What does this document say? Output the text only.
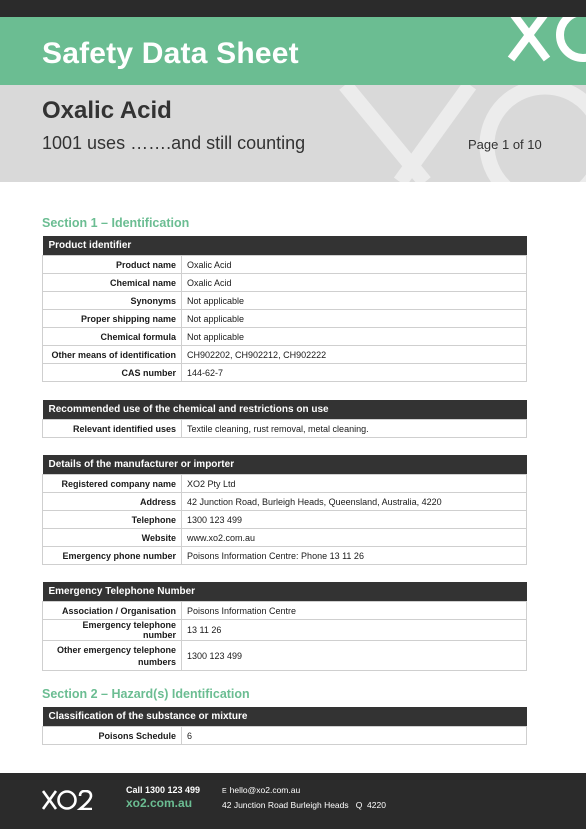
Safety Data Sheet
Oxalic Acid
1001 uses …….and still counting	Page 1 of 10
Section 1 – Identification
Product identifier	
Product name	Oxalic Acid
Chemical name	Oxalic Acid
Synonyms	Not applicable
Proper shipping name	Not applicable
Chemical formula	Not applicable
Other means of identification	CH902202, CH902212, CH902222
CAS number	144-62-7
Recommended use of the chemical and restrictions on use
Relevant identified uses	Textile cleaning, rust removal, metal cleaning.
Details of the manufacturer or importer	
Registered company name	XO2 Pty Ltd
Address	42 Junction Road, Burleigh Heads, Queensland, Australia, 4220
Telephone	1300 123 499
Website	www.xo2.com.au
Emergency phone number	Poisons Information Centre: Phone 13 11 26
Emergency Telephone Number	
Association / Organisation	Poisons Information Centre
Emergency telephone number	13 11 26
Other emergency telephone numbers	1300 123 499
Section 2 – Hazard(s) Identification
Classification of the substance or mixture
Poisons Schedule	6
Call 1300 123 499
xo2.com.au
E hello@xo2.com.au
42 Junction Road Burleigh Heads   Q  4220
